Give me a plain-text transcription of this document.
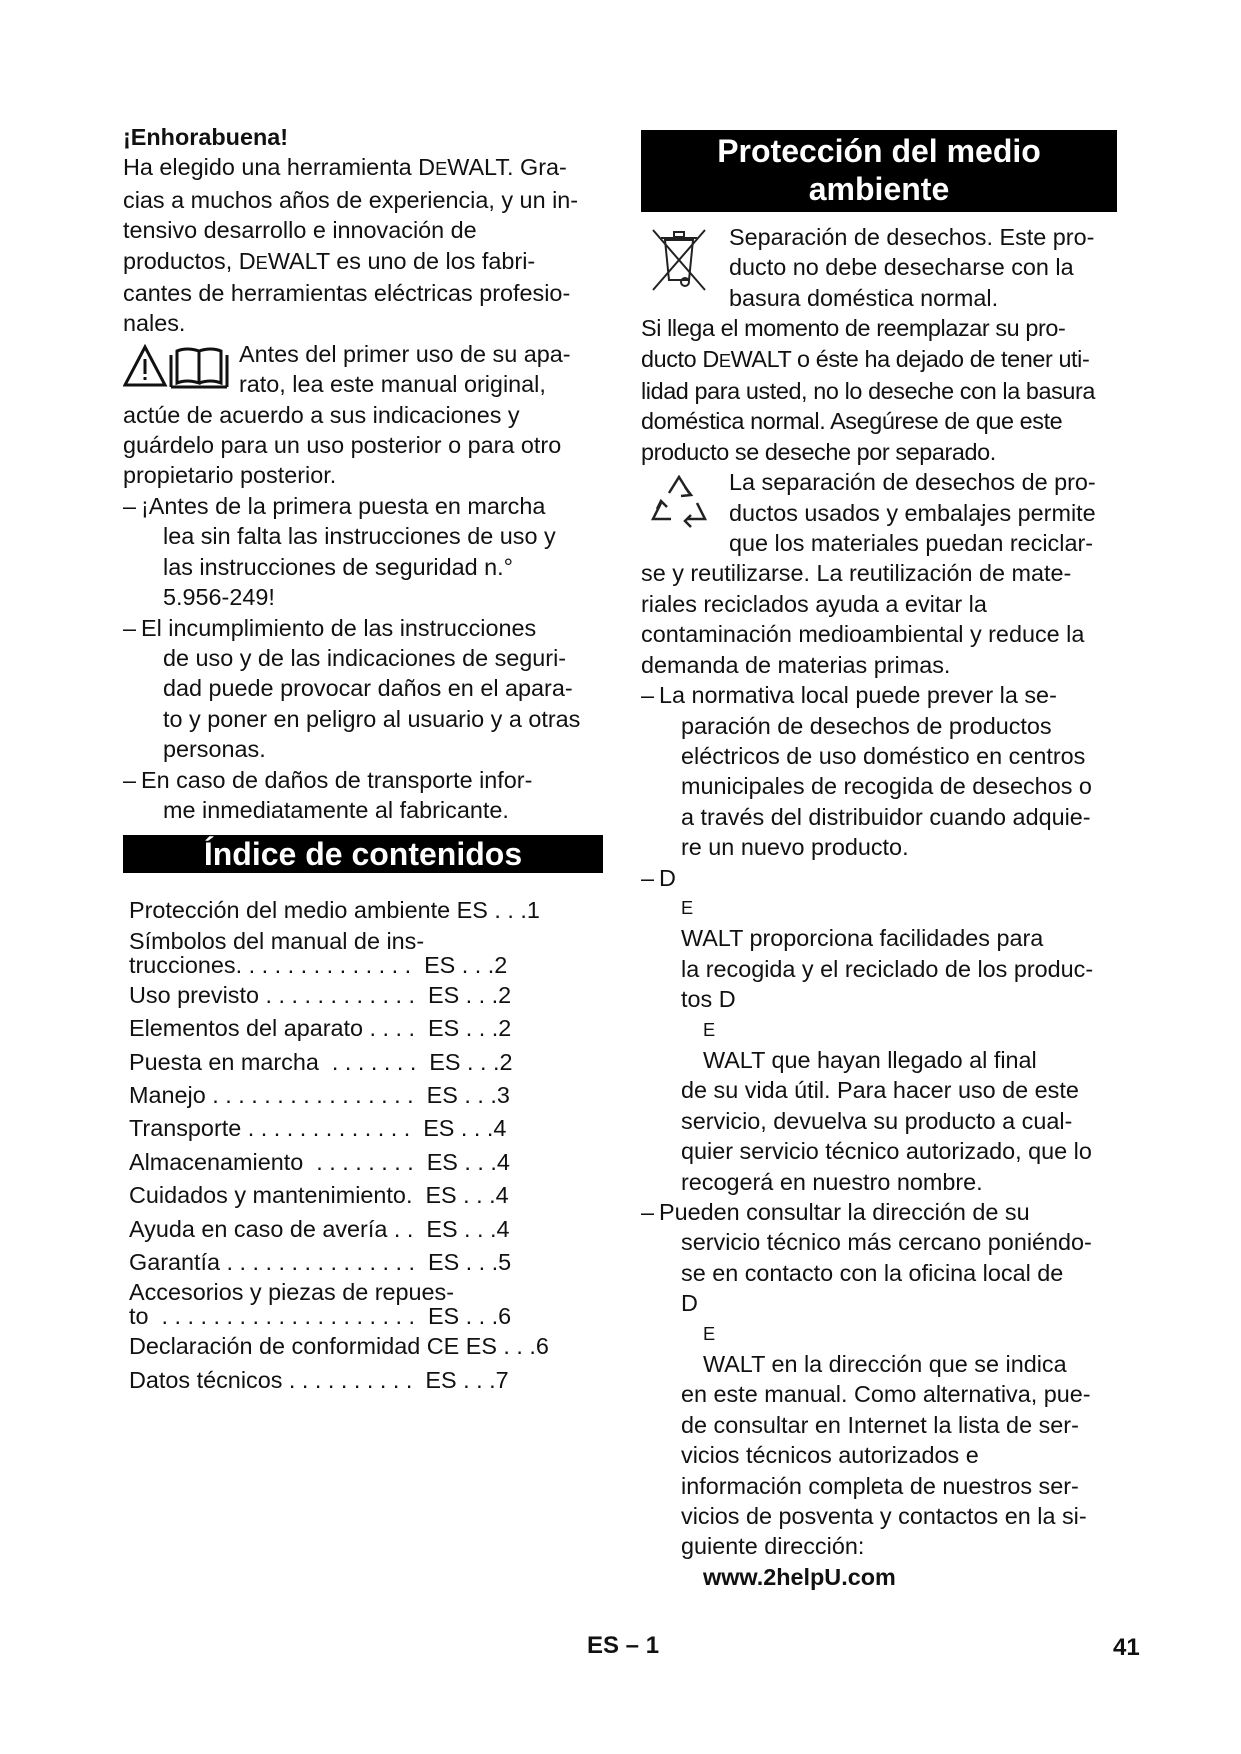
¡Enhorabuena!

Ha elegido una herramienta DEWALT. Gra-
cias a muchos años de experiencia, y un in-
tensivo desarrollo e innovación de
productos, DEWALT es uno de los fabri-
cantes de herramientas eléctricas profesio-
nales.

Antes del primer uso de su apa-
rato, lea este manual original,

actúe de acuerdo a sus indicaciones y
guárdelo para un uso posterior o para otro
propietario posterior.

– ¡Antes de la primera puesta en marcha
lea sin falta las instrucciones de uso y
las instrucciones de seguridad n.°
5.956-249!
– El incumplimiento de las instrucciones
de uso y de las indicaciones de seguri-
dad puede provocar daños en el apara-
to y poner en peligro al usuario y a otras
personas.
– En caso de daños de transporte infor-
me inmediatamente al fabricante.
Índice de contenidos
Protección del medio ambiente ES . . .1
Símbolos del manual de ins-
trucciones. . . . . . . . . . . . . .  ES . . .2
Uso previsto . . . . . . . . . . . .  ES . . .2
Elementos del aparato . . . .  ES . . .2
Puesta en marcha  . . . . . . .  ES . . .2
Manejo . . . . . . . . . . . . . . . .  ES . . .3
Transporte . . . . . . . . . . . . .  ES . . .4
Almacenamiento  . . . . . . . .  ES . . .4
Cuidados y mantenimiento.  ES . . .4
Ayuda en caso de avería . .  ES . . .4
Garantía . . . . . . . . . . . . . . .  ES . . .5
Accesorios y piezas de repues-
to  . . . . . . . . . . . . . . . . . . . .  ES . . .6
Declaración de conformidad CE ES . . .6
Datos técnicos . . . . . . . . . .  ES . . .7
Protección del medio
ambiente

Separación de desechos. Este pro-
ducto no debe desecharse con la
basura doméstica normal.

Si llega el momento de reemplazar su pro-
ducto DEWALT o éste ha dejado de tener uti-
lidad para usted, no lo deseche con la basura
doméstica normal. Asegúrese de que este
producto se deseche por separado.

La separación de desechos de pro-
ductos usados y embalajes permite
que los materiales puedan reciclar-

se y reutilizarse. La reutilización de mate-
riales reciclados ayuda a evitar la
contaminación medioambiental y reduce la
demanda de materias primas.

– La normativa local puede prever la se-
paración de desechos de productos
eléctricos de uso doméstico en centros
municipales de recogida de desechos o
a través del distribuidor cuando adquie-
re un nuevo producto.
– D
E
WALT proporciona facilidades para
la recogida y el reciclado de los produc-
tos D
E
WALT que hayan llegado al final
de su vida útil. Para hacer uso de este
servicio, devuelva su producto a cual-
quier servicio técnico autorizado, que lo
recogerá en nuestro nombre.
– Pueden consultar la dirección de su
servicio técnico más cercano poniéndo-
se en contacto con la oficina local de
D
E
WALT en la dirección que se indica
en este manual. Como alternativa, pue-
de consultar en Internet la lista de ser-
vicios técnicos autorizados e
información completa de nuestros ser-
vicios de posventa y contactos en la si-
guiente dirección:
www.2helpU.com
ES – 1	41
